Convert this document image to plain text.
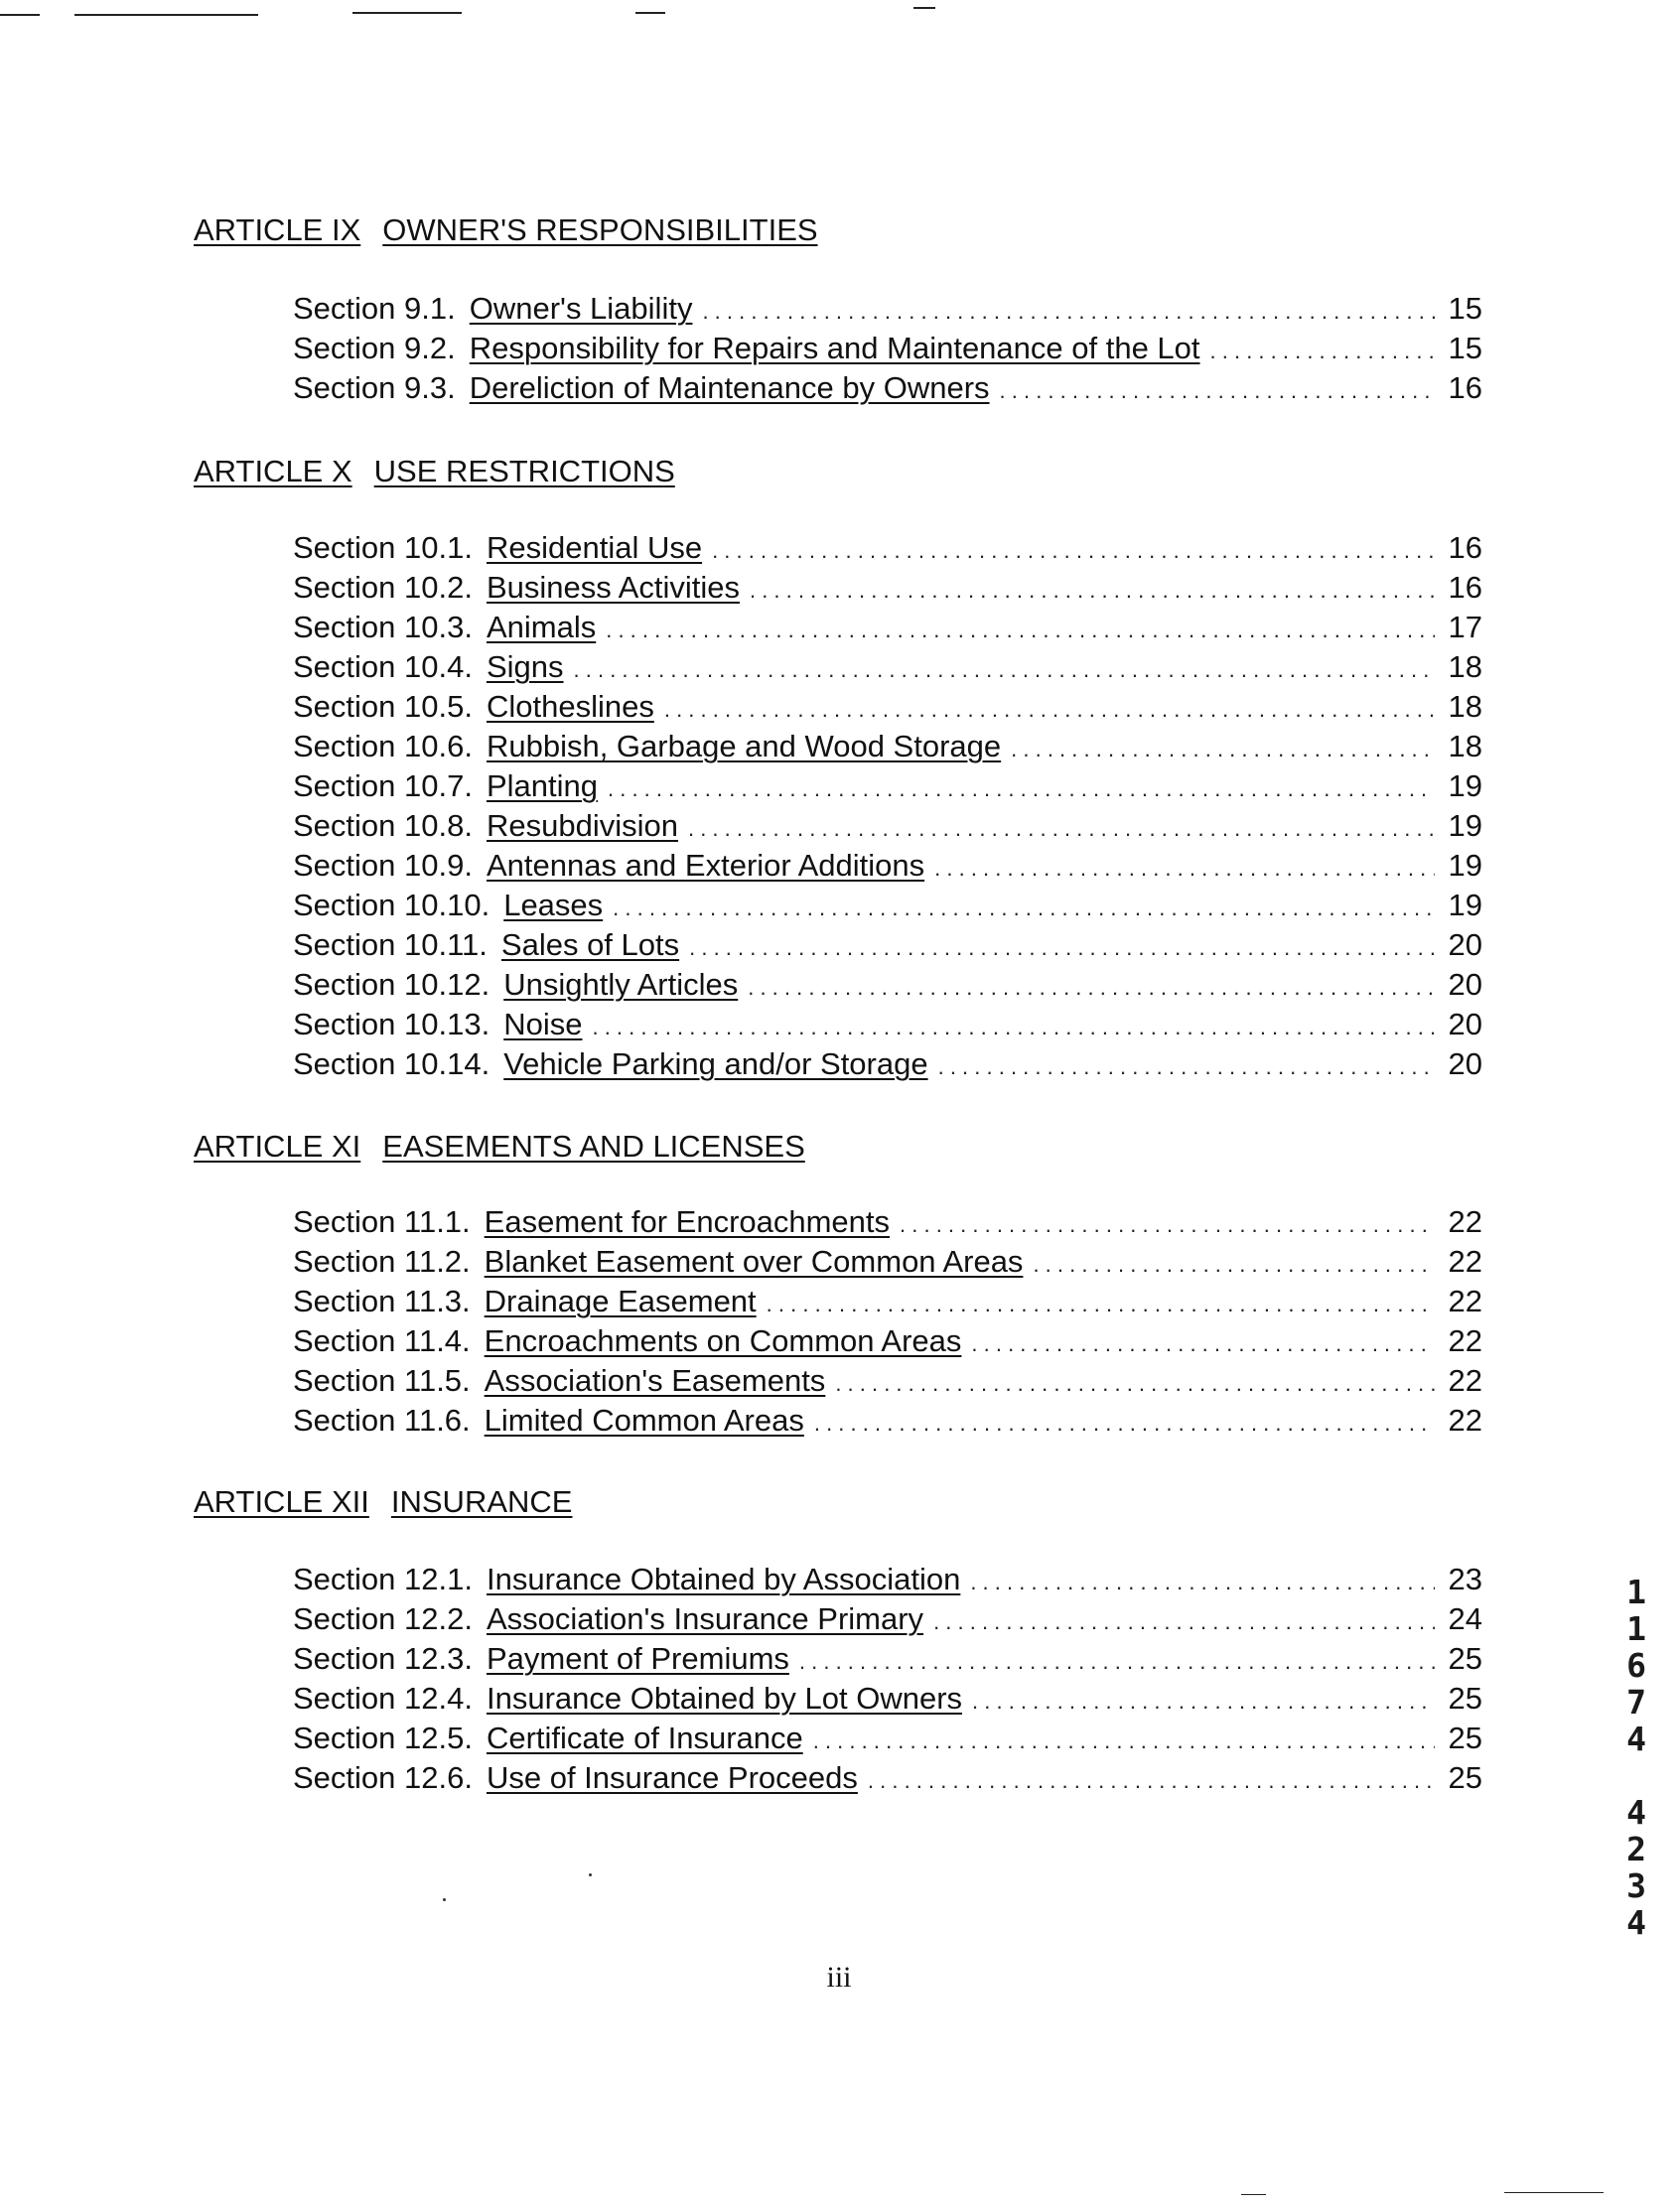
ARTICLE IX OWNER'S RESPONSIBILITIES
Section 9.1. Owner's Liability . . .	15
Section 9.2. Responsibility for Repairs and Maintenance of the Lot . . .	15
Section 9.3. Dereliction of Maintenance by Owners . . .	16
ARTICLE X USE RESTRICTIONS
Section 10.1. Residential Use . . .	16
Section 10.2. Business Activities . . .	16
Section 10.3. Animals . . .	17
Section 10.4. Signs . . .	18
Section 10.5. Clotheslines . . .	18
Section 10.6. Rubbish, Garbage and Wood Storage . . .	18
Section 10.7. Planting . . .	19
Section 10.8. Resubdivision . . .	19
Section 10.9. Antennas and Exterior Additions . . .	19
Section 10.10. Leases . . .	19
Section 10.11. Sales of Lots . . .	20
Section 10.12. Unsightly Articles . . .	20
Section 10.13. Noise . . .	20
Section 10.14. Vehicle Parking and/or Storage . . .	20
ARTICLE XI EASEMENTS AND LICENSES
Section 11.1. Easement for Encroachments . . .	22
Section 11.2. Blanket Easement over Common Areas . . .	22
Section 11.3. Drainage Easement . . .	22
Section 11.4. Encroachments on Common Areas . . .	22
Section 11.5. Association's Easements . . .	22
Section 11.6. Limited Common Areas . . .	22
ARTICLE XII INSURANCE
Section 12.1. Insurance Obtained by Association . . .	23
Section 12.2. Association's Insurance Primary . . .	24
Section 12.3. Payment of Premiums . . .	25
Section 12.4. Insurance Obtained by Lot Owners . . .	25
Section 12.5. Certificate of Insurance . . .	25
Section 12.6. Use of Insurance Proceeds . . .	25
1
1
6
7
4
4
2
3
4
iii
